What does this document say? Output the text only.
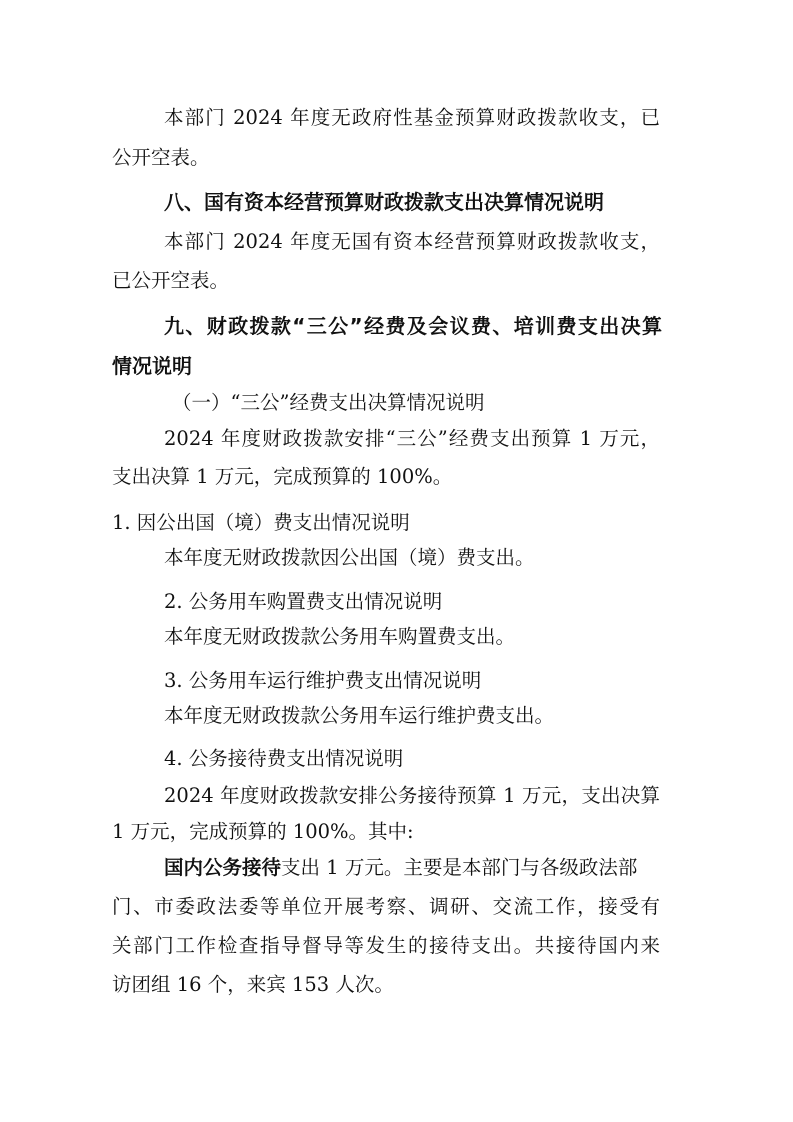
本部门 2024 年度无政府性基金预算财政拨款收支，已

公开空表。

八、国有资本经营预算财政拨款支出决算情况说明

本部门 2024 年度无国有资本经营预算财政拨款收支，

已公开空表。

九、财政拨款“三公”经费及会议费、培训费支出决算

情况说明

（一）“三公”经费支出决算情况说明

2024 年度财政拨款安排“三公”经费支出预算 1 万元，

支出决算 1 万元，完成预算的 100%。

1. 因公出国（境）费支出情况说明

本年度无财政拨款因公出国（境）费支出。

2. 公务用车购置费支出情况说明

本年度无财政拨款公务用车购置费支出。

3. 公务用车运行维护费支出情况说明

本年度无财政拨款公务用车运行维护费支出。

4. 公务接待费支出情况说明

2024 年度财政拨款安排公务接待预算 1 万元，支出决算

1 万元，完成预算的 100%。其中:

国内公务接待支出 1 万元。主要是本部门与各级政法部

门、市委政法委等单位开展考察、调研、交流工作，接受有

关部门工作检查指导督导等发生的接待支出。共接待国内来

访团组 16 个，来宾 153 人次。
